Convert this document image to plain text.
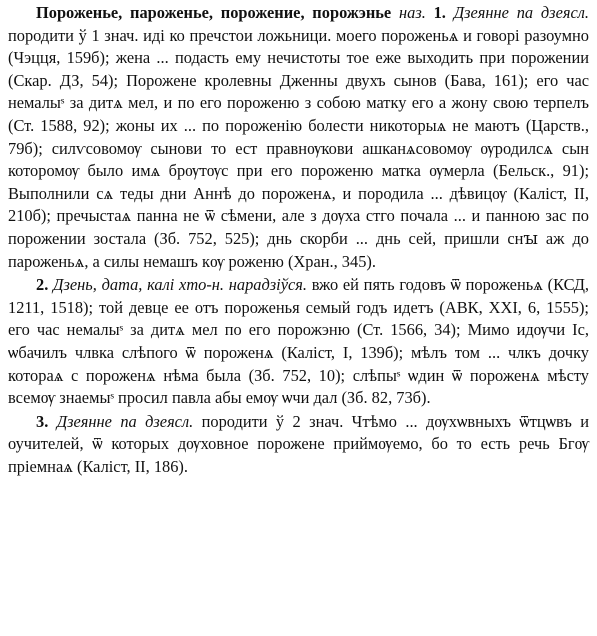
Пороженье, пароженье, порожение, порожэнье наз. 1. Дзеянне па дзеясл. породити ў 1 знач. иді ко пречстои ложьници. моего пороженьѧ и говорі разоумно (Чэцця, 159б); жена ... подасть ему нечистоты тое еже выходить при порожении (Скар. ДЗ, 54); Порожене кролевны Дженны двухъ сынов (Бава, 161); его час немалыˢ за дитѧ мел, и по его пороженю з собою матку его а жону свою терпелъ (Ст. 1588, 92); жоны их ... по пороженію болести никоторыѧ не маютъ (Царств., 79б); силѵсовомѹ сынови то ест правнѹкови ашканѧсовомѹ ѹродилсѧ сын которомѹ было имѧ брѹтѹс при его пороженю матка ѹмерла (Бельск., 91); Выполнили сѧ теды дни Аннѣ до пороженѧ, и породила ... дѣвицѹ (Каліст, II, 210б); пречыстаѧ панна не ѿ сѣмени, але з дѹха стго почала ... и панною зас по порожении зостала (Зб. 752, 525); днь скорби ... днь сей, пришли снꙑ аж до пароженьѧ, а силы немашъ кѹ роженю (Хран., 345).

2. Дзень, дата, калі хто-н. нарадзіўся. вжо ей пять годовъ ѿ пороженьѧ (КСД, 1211, 1518); той девце ее отъ пороженья семый годъ идетъ (АВК, XXI, 6, 1555); его час немалыˢ за дитѧ мел по его порожэню (Ст. 1566, 34); Мимо идѹчи Іс, ѡбачилъ члвка слѣпого ѿ пороженѧ (Каліст, I, 139б); мѣлъ том ... члкъ дочку котораѧ с пороженѧ нѣма была (Зб. 752, 10); слѣпыˢ ѡдин ѿ пороженѧ мѣсту всемѹ знаемыˢ просил павла абы емѹ ѡчи дал (Зб. 82, 73б).

3. Дзеянне па дзеясл. породити ў 2 знач. Чтѣмо ... дѹхѡвныхъ ѿтцѡвъ и оучителей, ѿ которых дѹховное порожене приймѹемо, бо то есть речь Бгѹ пріемнаѧ (Каліст, II, 186).
